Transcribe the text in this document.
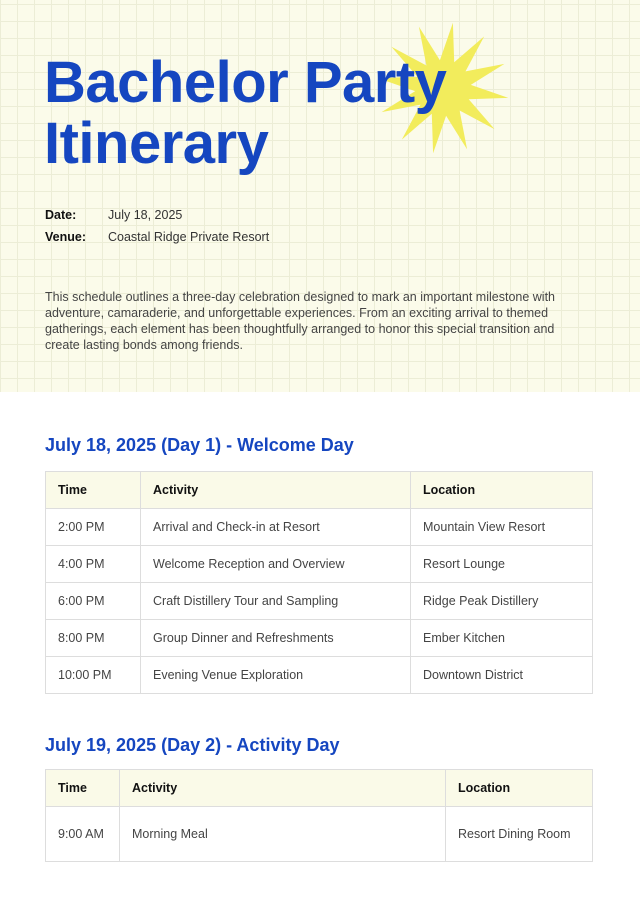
Bachelor Party
Itinerary
Date:	July 18, 2025
Venue: Coastal Ridge Private Resort

This schedule outlines a three-day celebration designed to mark an important milestone with adventure, camaraderie, and unforgettable experiences. From an exciting arrival to themed gatherings, each element has been thoughtfully arranged to honor this special transition and create lasting bonds among friends.

July 18, 2025 (Day 1) - Welcome Day
Time	Activity	Location
2:00 PM	Arrival and Check-in at Resort	Mountain View Resort
4:00 PM	Welcome Reception and Overview	Resort Lounge
6:00 PM	Craft Distillery Tour and Sampling	Ridge Peak Distillery
8:00 PM	Group Dinner and Refreshments	Ember Kitchen
10:00 PM	Evening Venue Exploration	Downtown District
July 19, 2025 (Day 2) - Activity Day
Time	Activity	Location
9:00 AM	Morning Meal	Resort Dining Room
